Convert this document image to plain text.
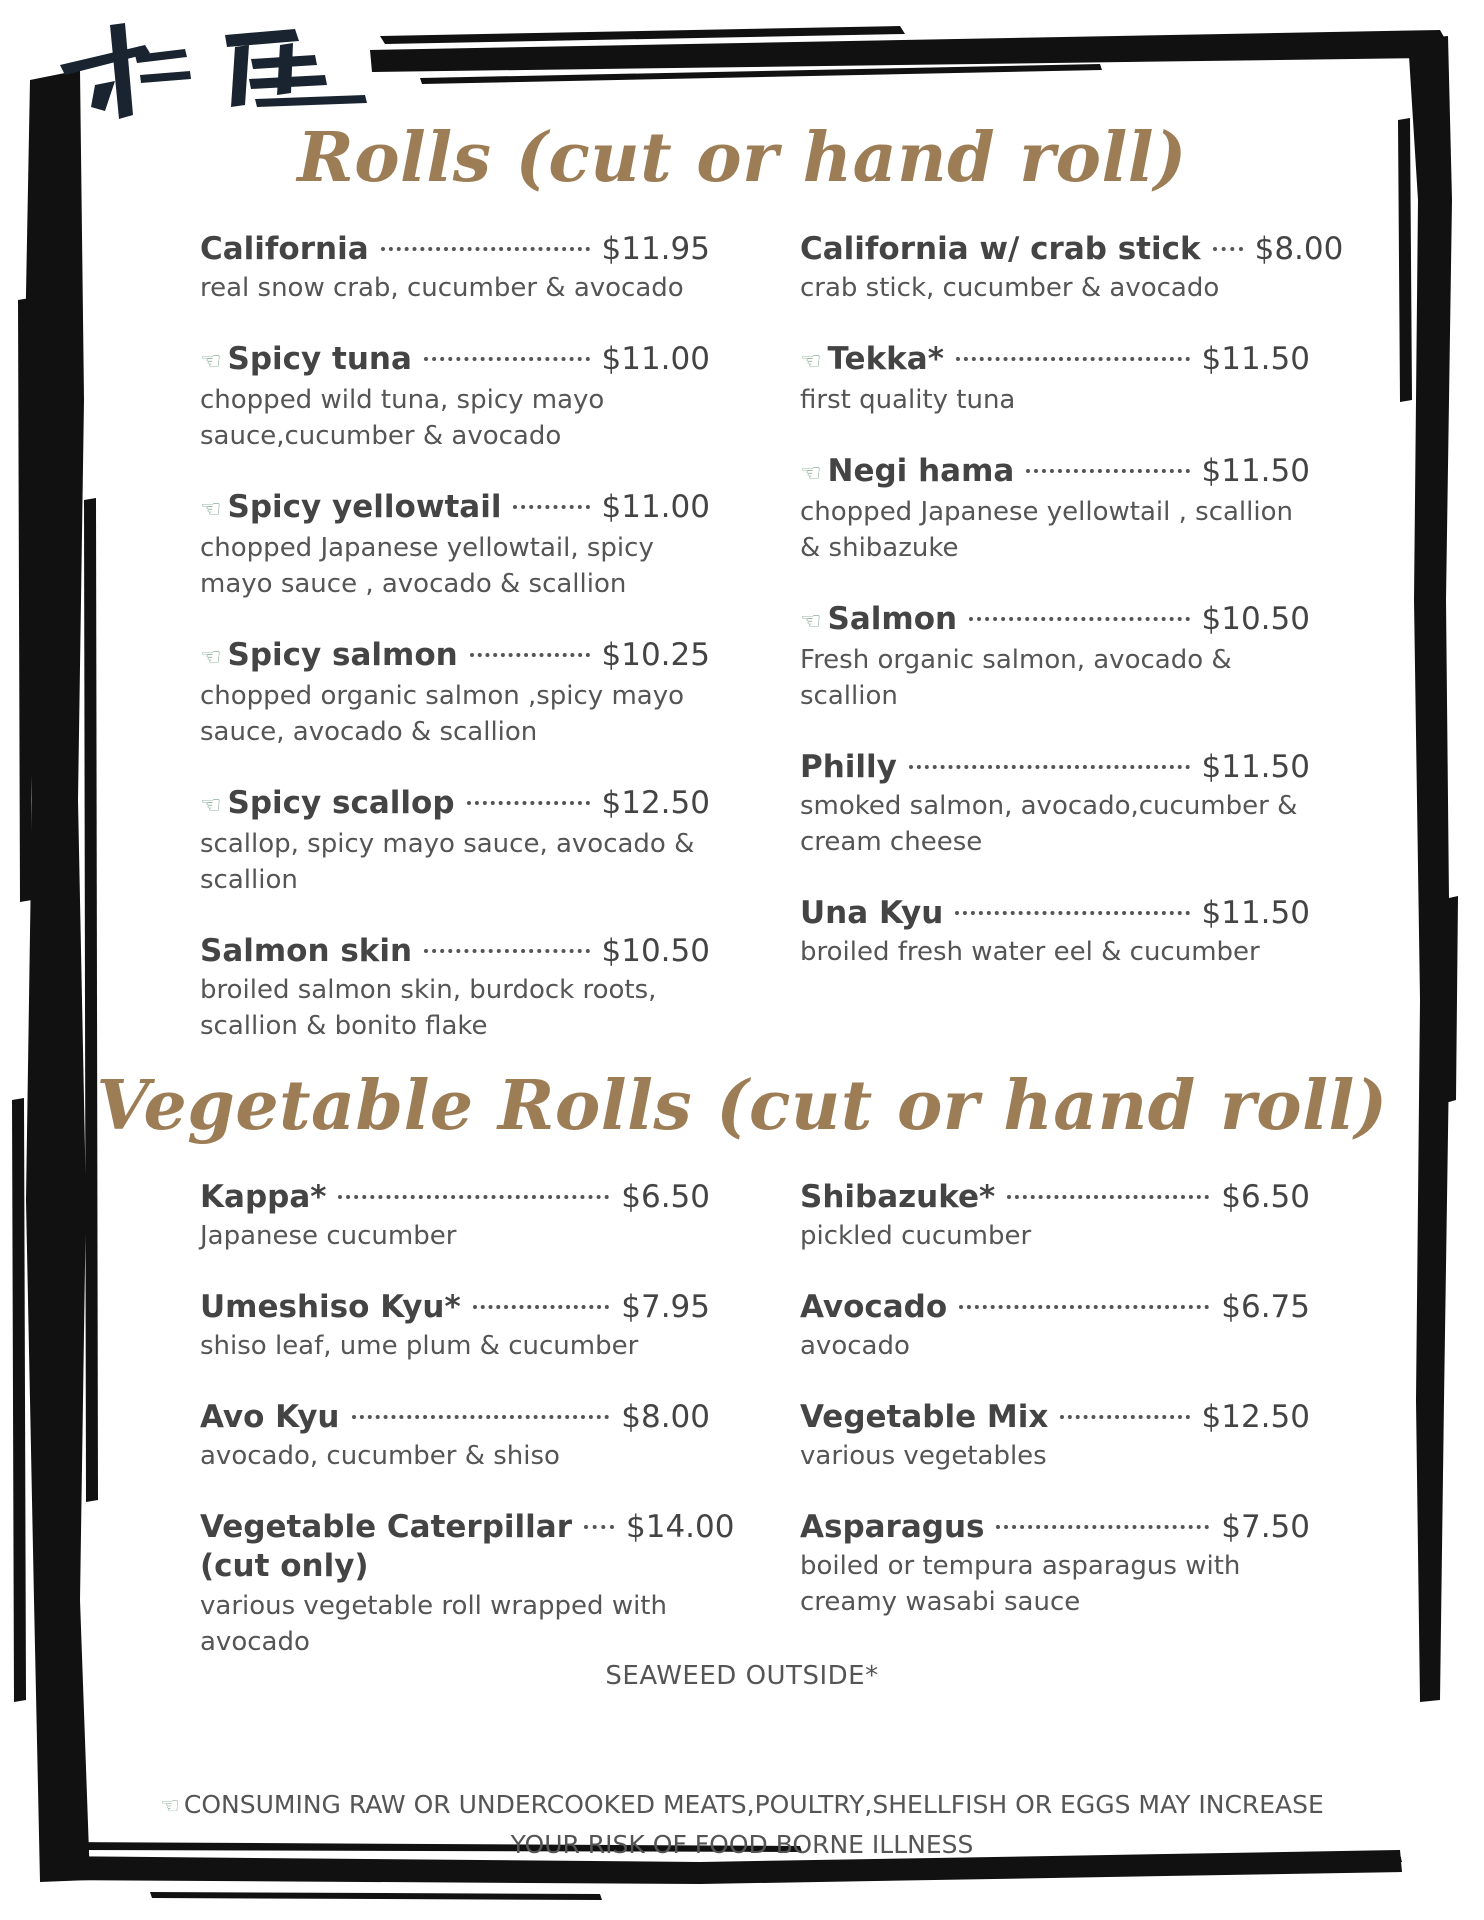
Rolls (cut or hand roll)
California	$11.95
real snow crab, cucumber & avocado
☜ Spicy tuna	$11.00
chopped wild tuna, spicy mayo sauce,cucumber & avocado
☜ Spicy yellowtail	$11.00
chopped Japanese yellowtail, spicy mayo sauce , avocado & scallion
☜ Spicy salmon	$10.25
chopped organic salmon ,spicy mayo sauce, avocado & scallion
☜ Spicy scallop	$12.50
scallop, spicy mayo sauce, avocado & scallion
Salmon skin	$10.50
broiled salmon skin, burdock roots, scallion & bonito flake
California w/ crab stick $8.00
crab stick, cucumber & avocado
☜ Tekka*	$11.50
first quality tuna
☜ Negi hama	$11.50
chopped Japanese yellowtail , scallion & shibazuke
☜ Salmon	$10.50
Fresh organic salmon, avocado & scallion
Philly	$11.50
smoked salmon, avocado,cucumber & cream cheese
Una Kyu	$11.50
broiled fresh water eel & cucumber
Vegetable Rolls (cut or hand roll)
Kappa*	$6.50
Japanese cucumber
Umeshiso Kyu*	$7.95
shiso leaf, ume plum & cucumber
Avo Kyu	$8.00
avocado, cucumber & shiso
Vegetable Caterpillar $14.00
(cut only)
various vegetable roll wrapped with avocado
Shibazuke*	$6.50
pickled cucumber
Avocado	$6.75
avocado
Vegetable Mix	$12.50
various vegetables
Asparagus	$7.50
boiled or tempura asparagus with creamy wasabi sauce
SEAWEED OUTSIDE*
☜ CONSUMING RAW OR UNDERCOOKED MEATS,POULTRY,SHELLFISH OR EGGS MAY INCREASE YOUR RISK OF FOOD BORNE ILLNESS
